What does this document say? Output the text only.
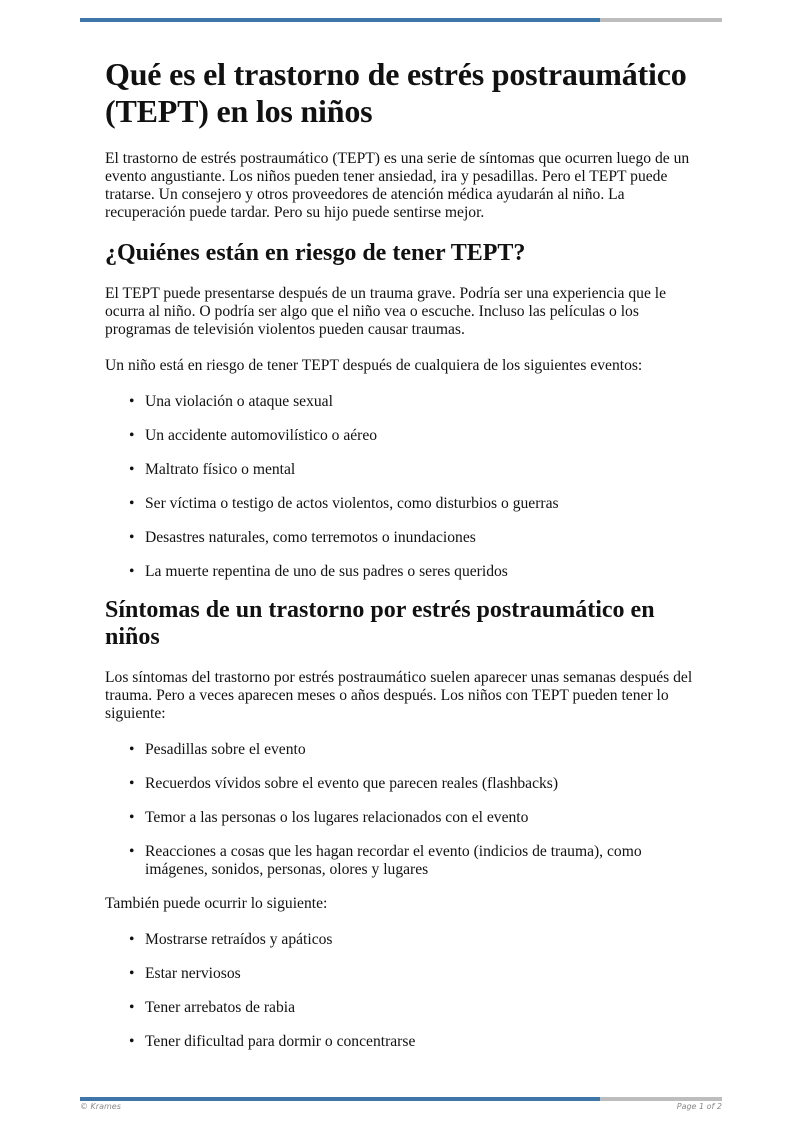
Qué es el trastorno de estrés postraumático (TEPT) en los niños

El trastorno de estrés postraumático (TEPT) es una serie de síntomas que ocurren luego de un evento angustiante. Los niños pueden tener ansiedad, ira y pesadillas. Pero el TEPT puede tratarse. Un consejero y otros proveedores de atención médica ayudarán al niño. La recuperación puede tardar. Pero su hijo puede sentirse mejor.

¿Quiénes están en riesgo de tener TEPT?

El TEPT puede presentarse después de un trauma grave. Podría ser una experiencia que le ocurra al niño. O podría ser algo que el niño vea o escuche. Incluso las películas o los programas de televisión violentos pueden causar traumas.

Un niño está en riesgo de tener TEPT después de cualquiera de los siguientes eventos:

• Una violación o ataque sexual
• Un accidente automovilístico o aéreo
• Maltrato físico o mental
• Ser víctima o testigo de actos violentos, como disturbios o guerras
• Desastres naturales, como terremotos o inundaciones
• La muerte repentina de uno de sus padres o seres queridos
Síntomas de un trastorno por estrés postraumático en niños

Los síntomas del trastorno por estrés postraumático suelen aparecer unas semanas después del trauma. Pero a veces aparecen meses o años después. Los niños con TEPT pueden tener lo siguiente:

• Pesadillas sobre el evento
• Recuerdos vívidos sobre el evento que parecen reales (flashbacks)
• Temor a las personas o los lugares relacionados con el evento
• Reacciones a cosas que les hagan recordar el evento (indicios de trauma), como imágenes, sonidos, personas, olores y lugares

También puede ocurrir lo siguiente:

• Mostrarse retraídos y apáticos
• Estar nerviosos
• Tener arrebatos de rabia
• Tener dificultad para dormir o concentrarse
© Krames	Page 1 of 2
